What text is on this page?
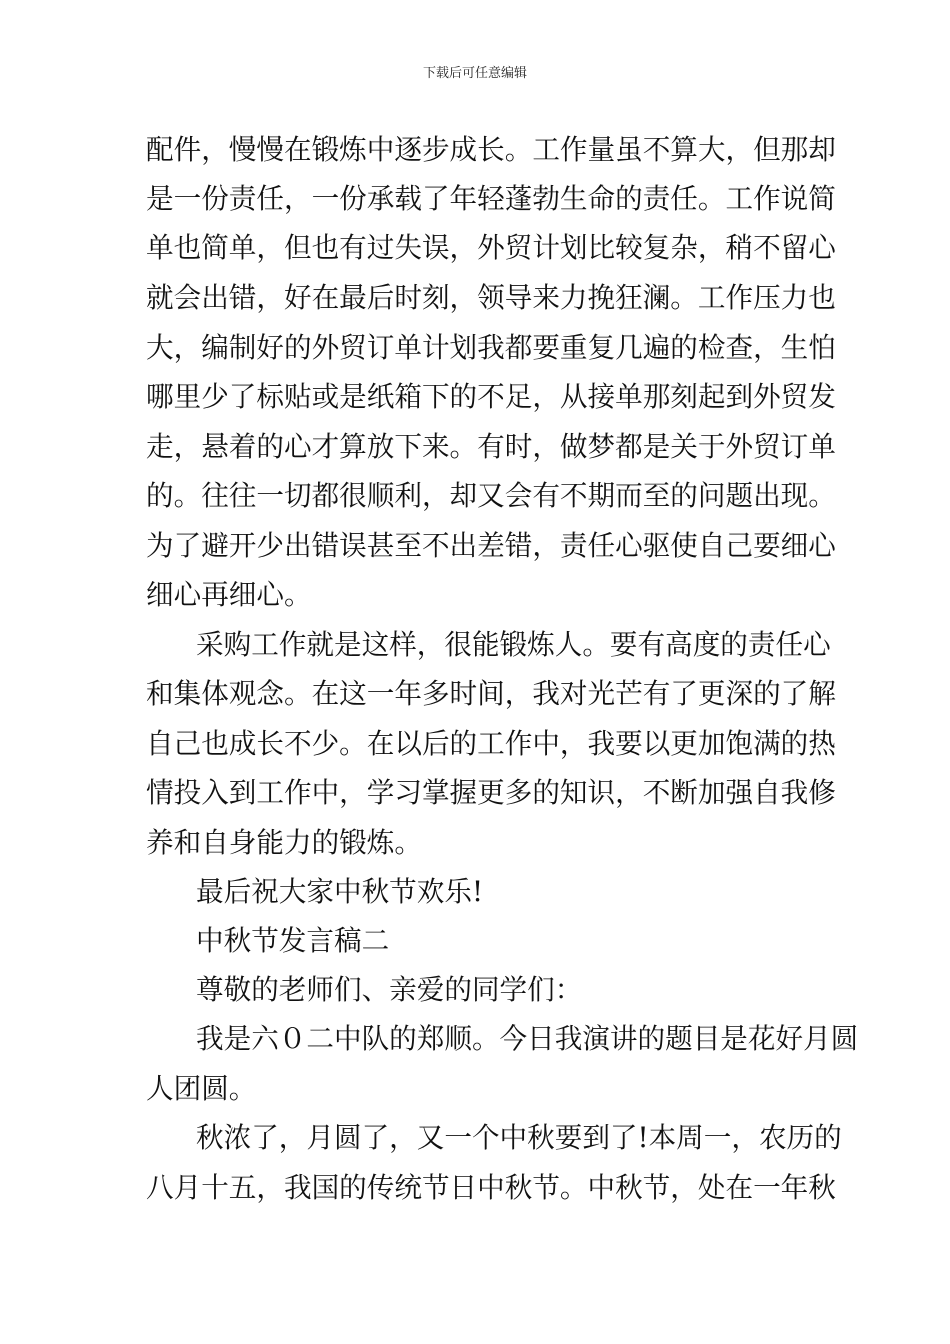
下载后可任意编辑
配件，慢慢在锻炼中逐步成长。工作量虽不算大，但那却
是一份责任，一份承载了年轻蓬勃生命的责任。工作说简
单也简单，但也有过失误，外贸计划比较复杂，稍不留心
就会出错，好在最后时刻，领导来力挽狂澜。工作压力也
大，编制好的外贸订单计划我都要重复几遍的检查，生怕
哪里少了标贴或是纸箱下的不足，从接单那刻起到外贸发
走，悬着的心才算放下来。有时，做梦都是关于外贸订单
的。往往一切都很顺利，却又会有不期而至的问题出现。
为了避开少出错误甚至不出差错，责任心驱使自己要细心
细心再细心。
采购工作就是这样，很能锻炼人。要有高度的责任心
和集体观念。在这一年多时间，我对光芒有了更深的了解
自己也成长不少。在以后的工作中，我要以更加饱满的热
情投入到工作中，学习掌握更多的知识，不断加强自我修
养和自身能力的锻炼。
最后祝大家中秋节欢乐!
中秋节发言稿二
尊敬的老师们、亲爱的同学们：
我是六０二中队的郑顺。今日我演讲的题目是花好月圆
人团圆。
秋浓了，月圆了，又一个中秋要到了!本周一，农历的
八月十五，我国的传统节日中秋节。中秋节，处在一年秋
